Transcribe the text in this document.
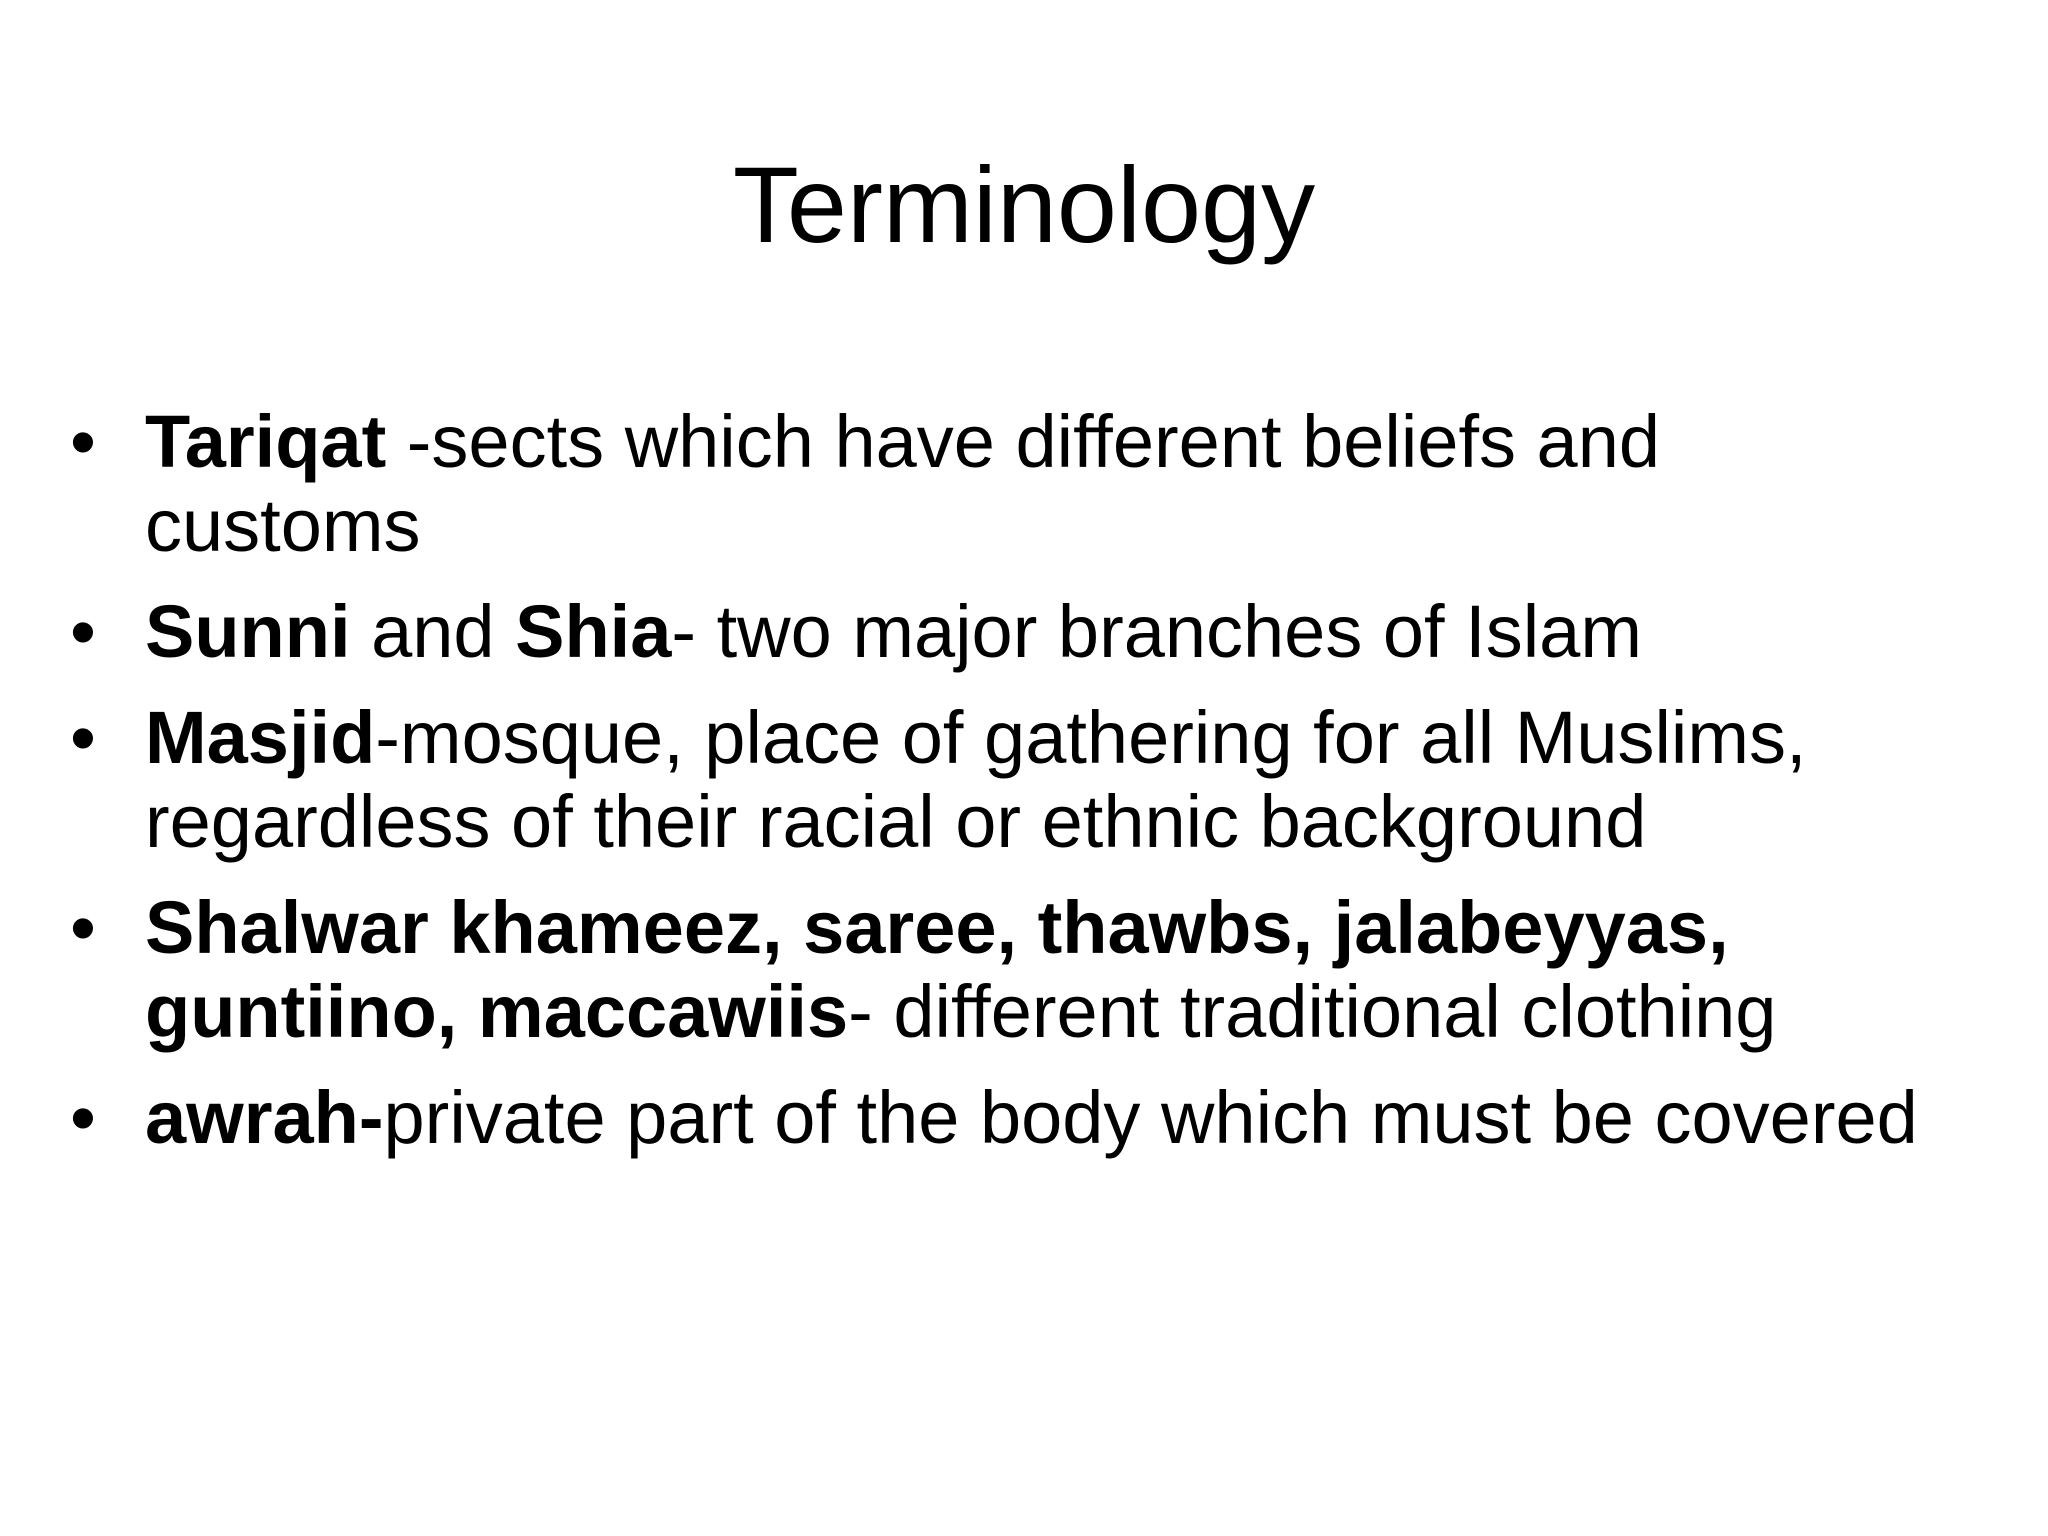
Terminology
• Tariqat -sects which have different beliefs and customs
• Sunni and Shia- two major branches of Islam
• Masjid-mosque, place of gathering for all Muslims, regardless of their racial or ethnic background
• Shalwar khameez, saree, thawbs, jalabeyyas, guntiino, maccawiis- different traditional clothing
• awrah-private part of the body which must be covered
